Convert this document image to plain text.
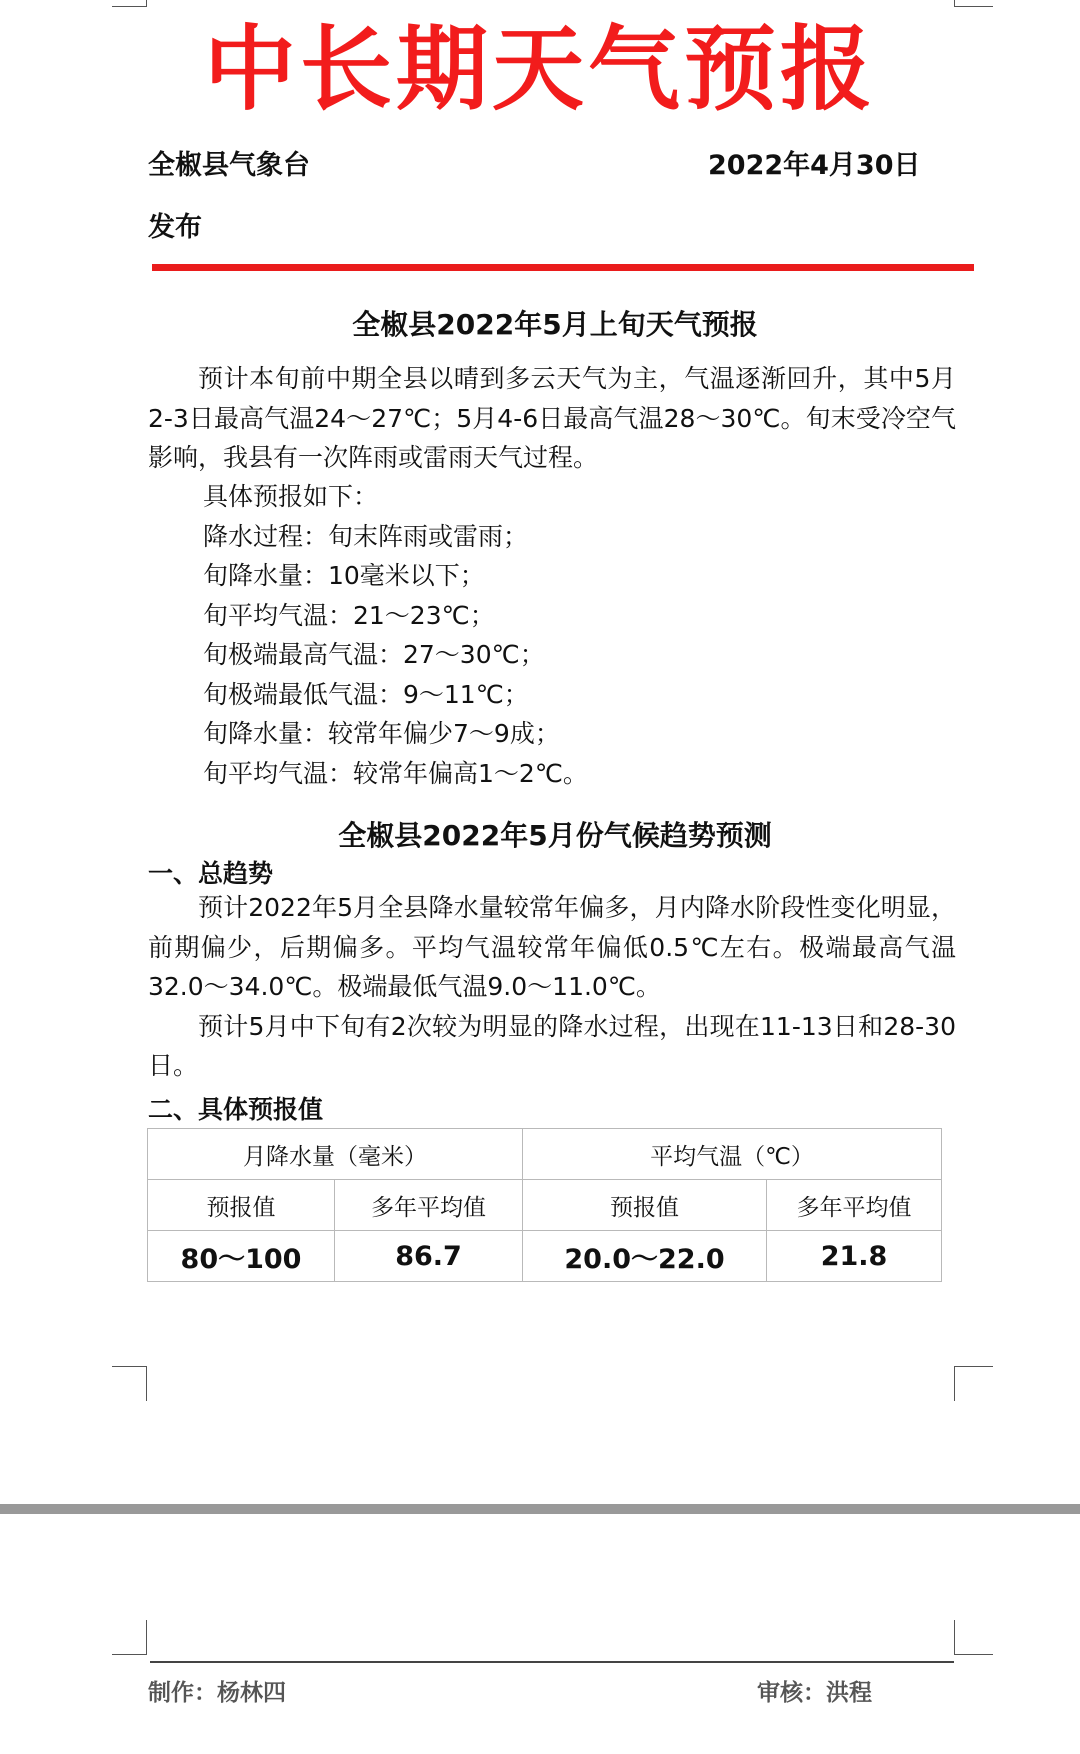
中长期天气预报
全椒县气象台	2022年4月30日
发布
全椒县2022年5月上旬天气预报

预计本旬前中期全县以晴到多云天气为主，气温逐渐回升，其中5月2-3日最高气温24～27℃；5月4-6日最高气温28～30℃。旬末受冷空气影响，我县有一次阵雨或雷雨天气过程。

具体预报如下：
降水过程：旬末阵雨或雷雨；
旬降水量：10毫米以下；
旬平均气温：21～23℃；
旬极端最高气温：27～30℃；
旬极端最低气温：9～11℃；
旬降水量：较常年偏少7～9成；
旬平均气温：较常年偏高1～2℃。
全椒县2022年5月份气候趋势预测
一、总趋势

预计2022年5月全县降水量较常年偏多，月内降水阶段性变化明显，前期偏少，后期偏多。平均气温较常年偏低0.5℃左右。极端最高气温32.0～34.0℃。极端最低气温9.0～11.0℃。

预计5月中下旬有2次较为明显的降水过程，出现在11-13日和28-30日。

二、具体预报值
月降水量（毫米）		平均气温（℃）	
预报值	多年平均值	预报值	多年平均值
80～100	86.7	20.0～22.0	21.8
制作：杨林四	审核：洪程
